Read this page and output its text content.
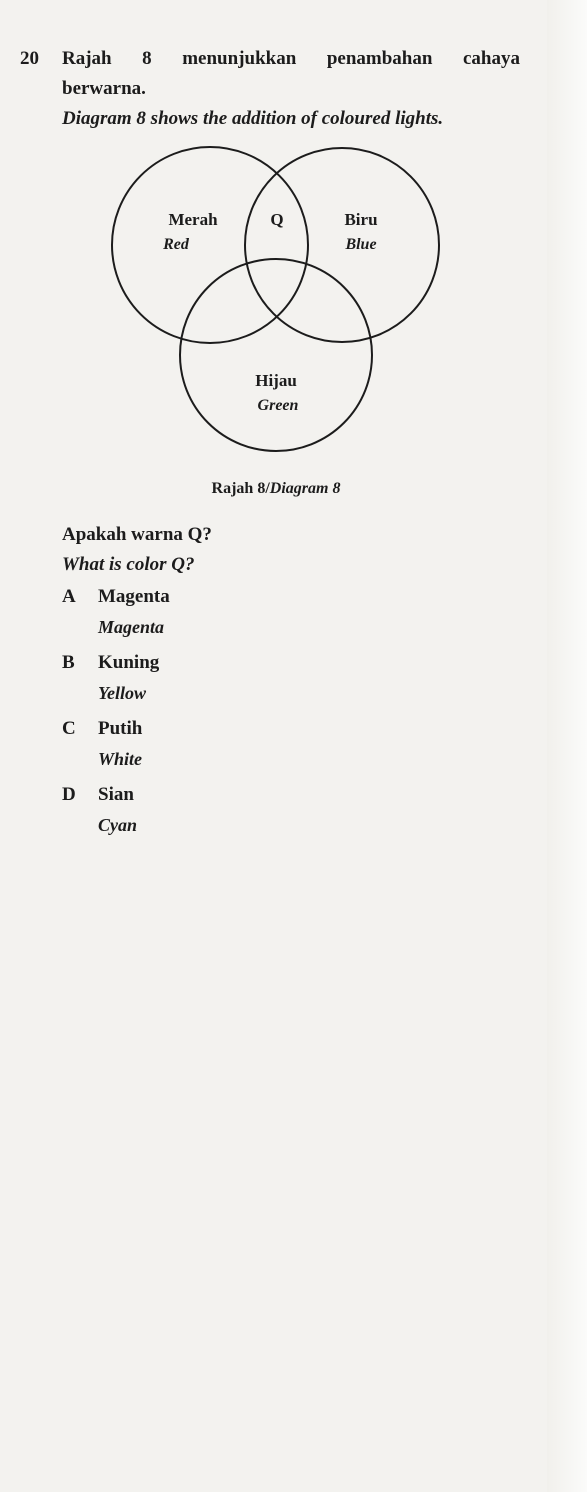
20	Rajah 8 menunjukkan penambahan cahaya
berwarna.
Diagram 8 shows the addition of coloured lights.
Merah
Red
Biru
Blue
Q
Hijau
Green
Rajah 8/Diagram 8
Apakah warna Q?
What is color Q?
A	Magenta
Magenta
B	Kuning
Yellow
C	Putih
White
D	Sian
Cyan
